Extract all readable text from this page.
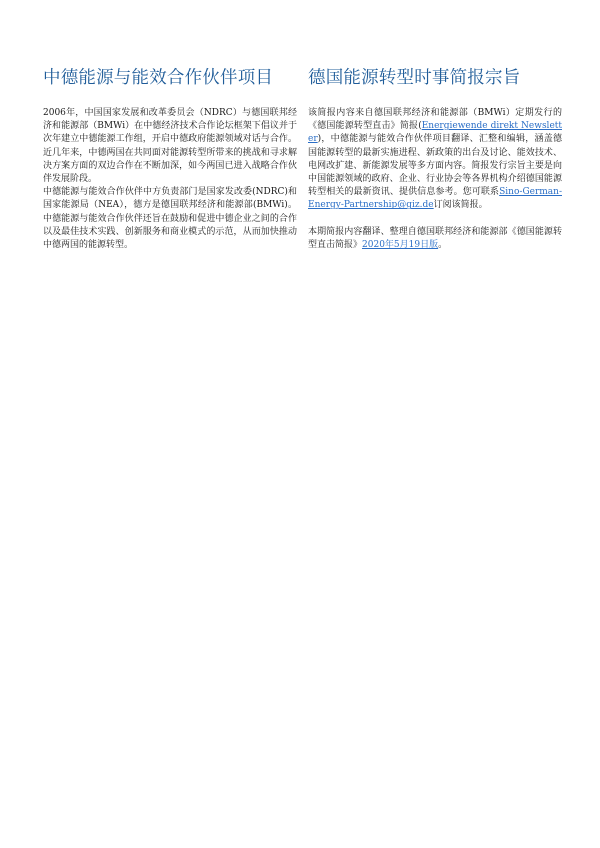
中德能源与能效合作伙伴项目

2006年，中国国家发展和改革委员会（NDRC）与德国联邦经济和能源部（BMWi）在中德经济技术合作论坛框架下倡议并于次年建立中德能源工作组，开启中德政府能源领域对话与合作。近几年来，中德两国在共同面对能源转型所带来的挑战和寻求解决方案方面的双边合作在不断加深，如今两国已进入战略合作伙伴发展阶段。

中德能源与能效合作伙伴中方负责部门是国家发改委(NDRC)和国家能源局（NEA），德方是德国联邦经济和能源部(BMWi)。中德能源与能效合作伙伴还旨在鼓励和促进中德企业之间的合作以及最佳技术实践、创新服务和商业模式的示范，从而加快推动中德两国的能源转型。

德国能源转型时事简报宗旨

该简报内容来自德国联邦经济和能源部（BMWi）定期发行的《德国能源转型直击》简报(Energiewende direkt Newsletter)，中德能源与能效合作伙伴项目翻译、汇整和编辑，涵盖德国能源转型的最新实施进程、新政策的出台及讨论、能效技术、电网改扩建、新能源发展等多方面内容。简报发行宗旨主要是向中国能源领域的政府、企业、行业协会等各界机构介绍德国能源转型相关的最新资讯、提供信息参考。您可联系Sino-German-Energy-Partnership@giz.de订阅该简报。

本期简报内容翻译、整理自德国联邦经济和能源部《德国能源转型直击简报》2020年5月19日版。
